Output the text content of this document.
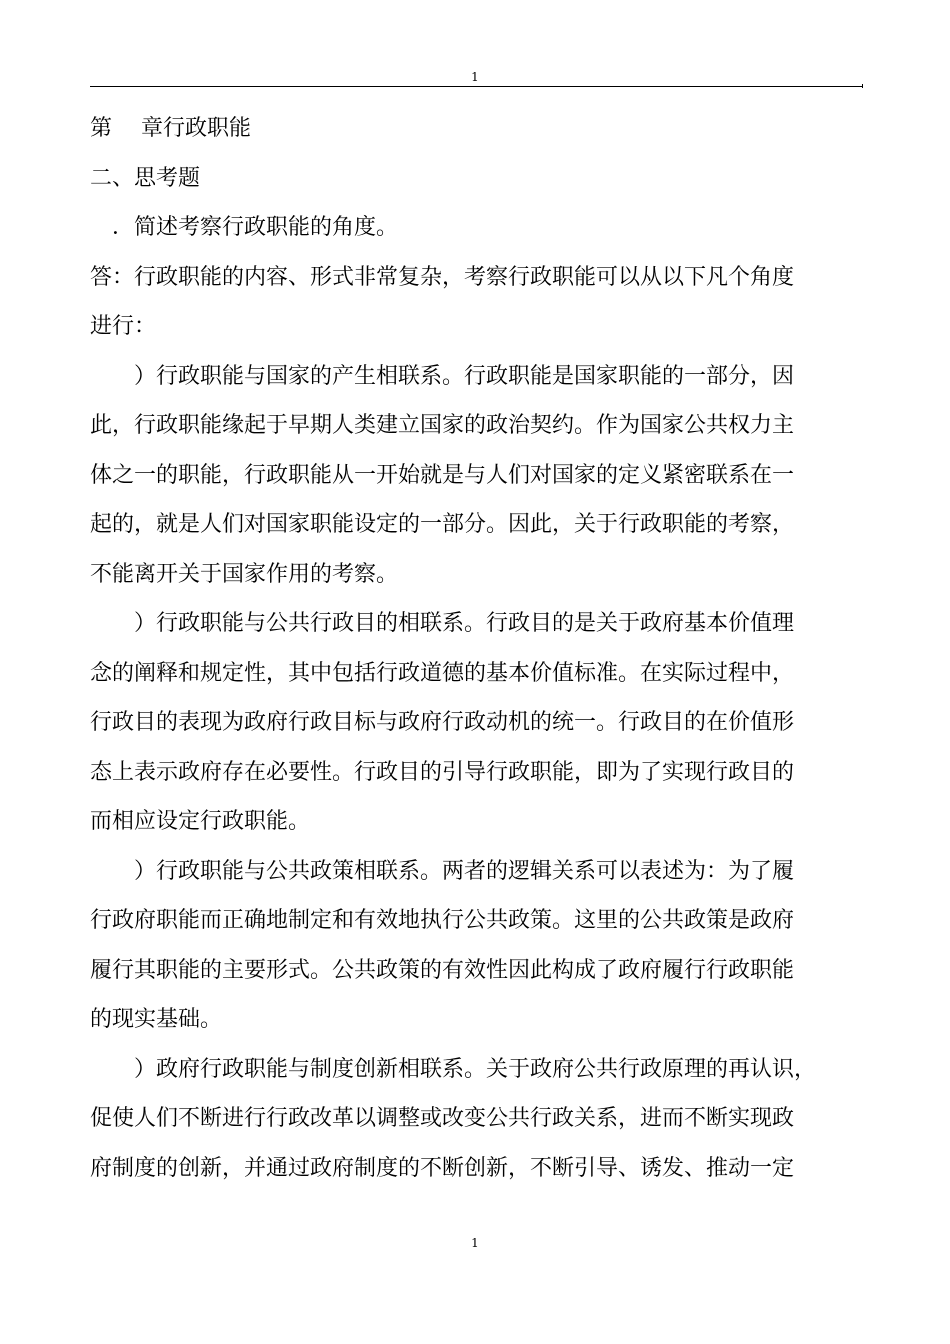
1
第　 章行政职能
二、思考题
　．简述考察行政职能的角度。
答：行政职能的内容、形式非常复杂，考察行政职能可以从以下凡个角度
进行：
　　）行政职能与国家的产生相联系。行政职能是国家职能的一部分，因
此，行政职能缘起于早期人类建立国家的政治契约。作为国家公共权力主
体之一的职能，行政职能从一开始就是与人们对国家的定义紧密联系在一
起的，就是人们对国家职能设定的一部分。因此，关于行政职能的考察，
不能离开关于国家作用的考察。
　　）行政职能与公共行政目的相联系。行政目的是关于政府基本价值理
念的阐释和规定性，其中包括行政道德的基本价值标准。在实际过程中，
行政目的表现为政府行政目标与政府行政动机的统一。行政目的在价值形
态上表示政府存在必要性。行政目的引导行政职能，即为了实现行政目的
而相应设定行政职能。
　　）行政职能与公共政策相联系。两者的逻辑关系可以表述为：为了履
行政府职能而正确地制定和有效地执行公共政策。这里的公共政策是政府
履行其职能的主要形式。公共政策的有效性因此构成了政府履行行政职能
的现实基础。
　　）政府行政职能与制度创新相联系。关于政府公共行政原理的再认识，
促使人们不断进行行政改革以调整或改变公共行政关系，进而不断实现政
府制度的创新，并通过政府制度的不断创新，不断引导、诱发、推动一定
1
